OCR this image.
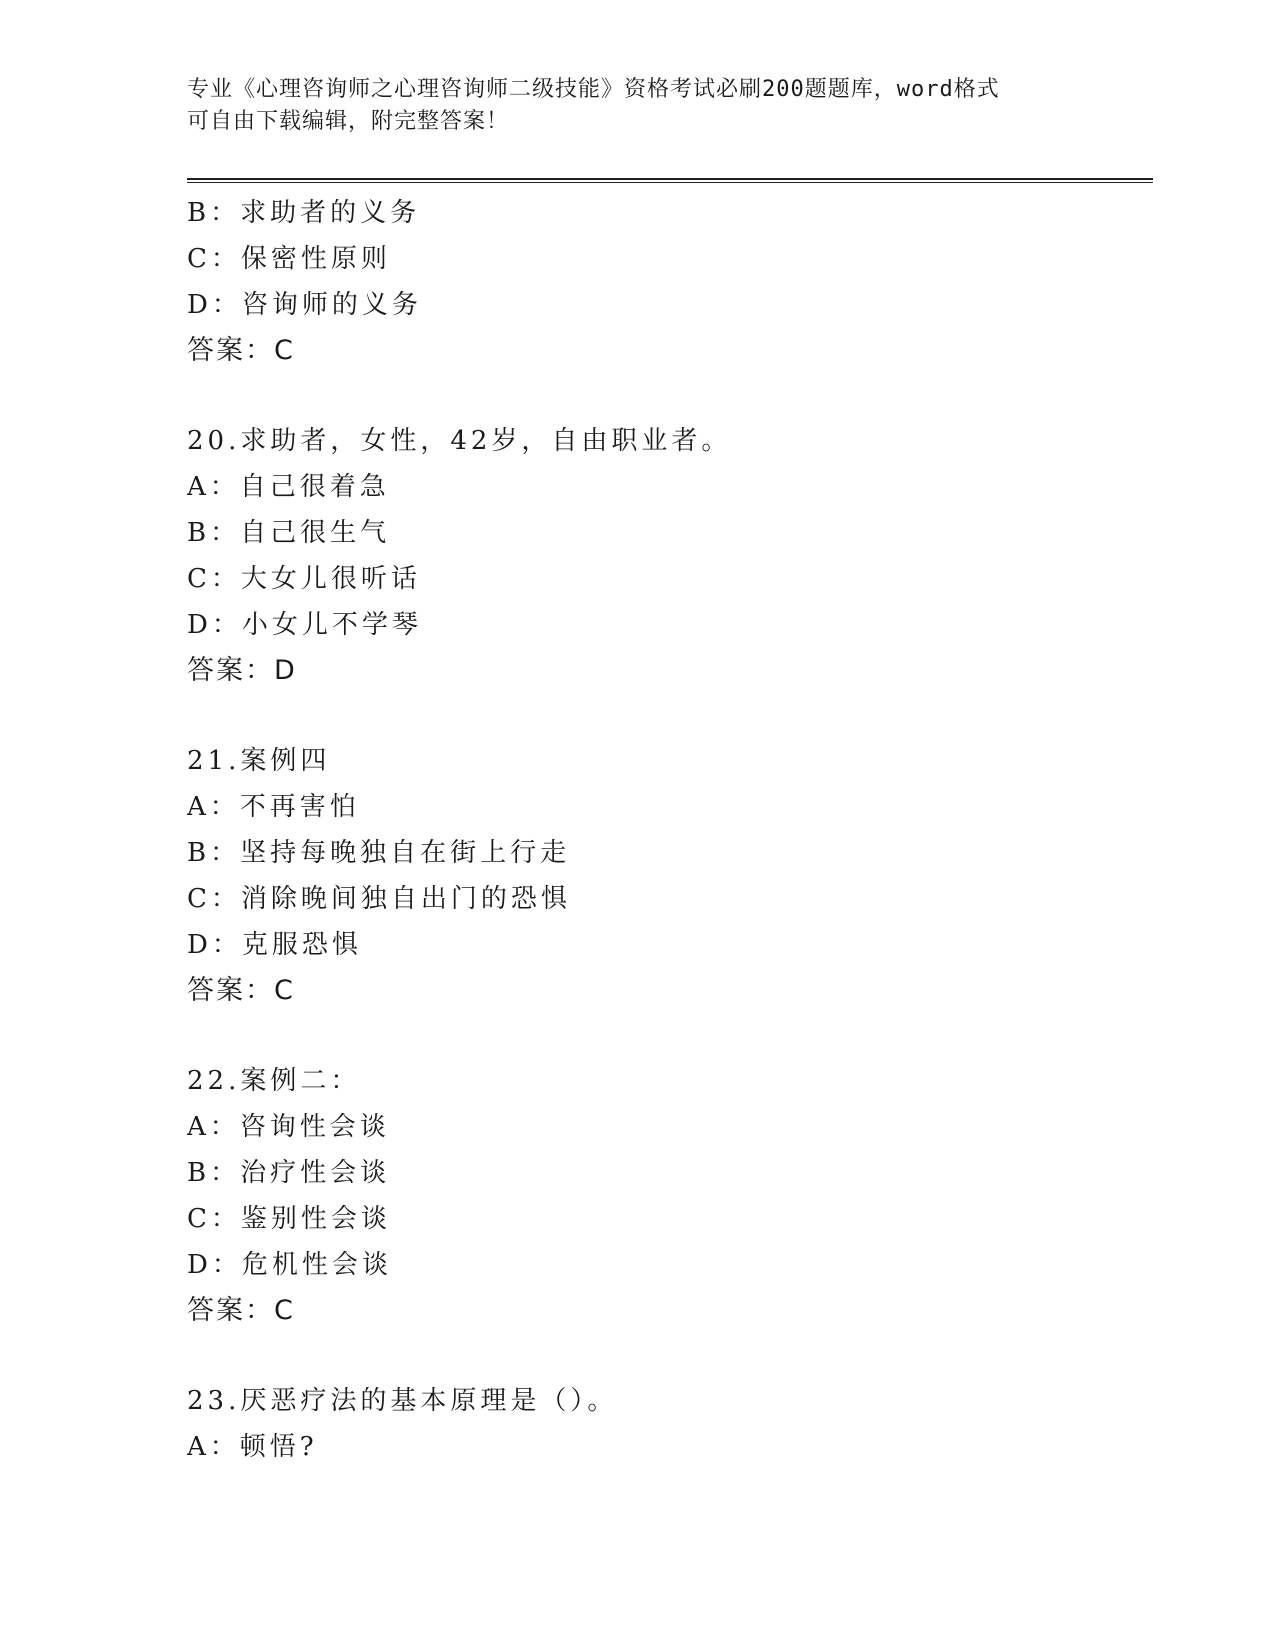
专业《心理咨询师之心理咨询师二级技能》资格考试必刷200题题库，word格式
可自由下载编辑，附完整答案！
B：求助者的义务
C：保密性原则
D：咨询师的义务
答案：C
20.求助者，女性，42岁，自由职业者。
A：自己很着急
B：自己很生气
C：大女儿很听话
D：小女儿不学琴
答案：D
21.案例四
A：不再害怕
B：坚持每晚独自在街上行走
C：消除晚间独自出门的恐惧
D：克服恐惧
答案：C
22.案例二：
A：咨询性会谈
B：治疗性会谈
C：鉴别性会谈
D：危机性会谈
答案：C
23.厌恶疗法的基本原理是（）。
A：顿悟?
